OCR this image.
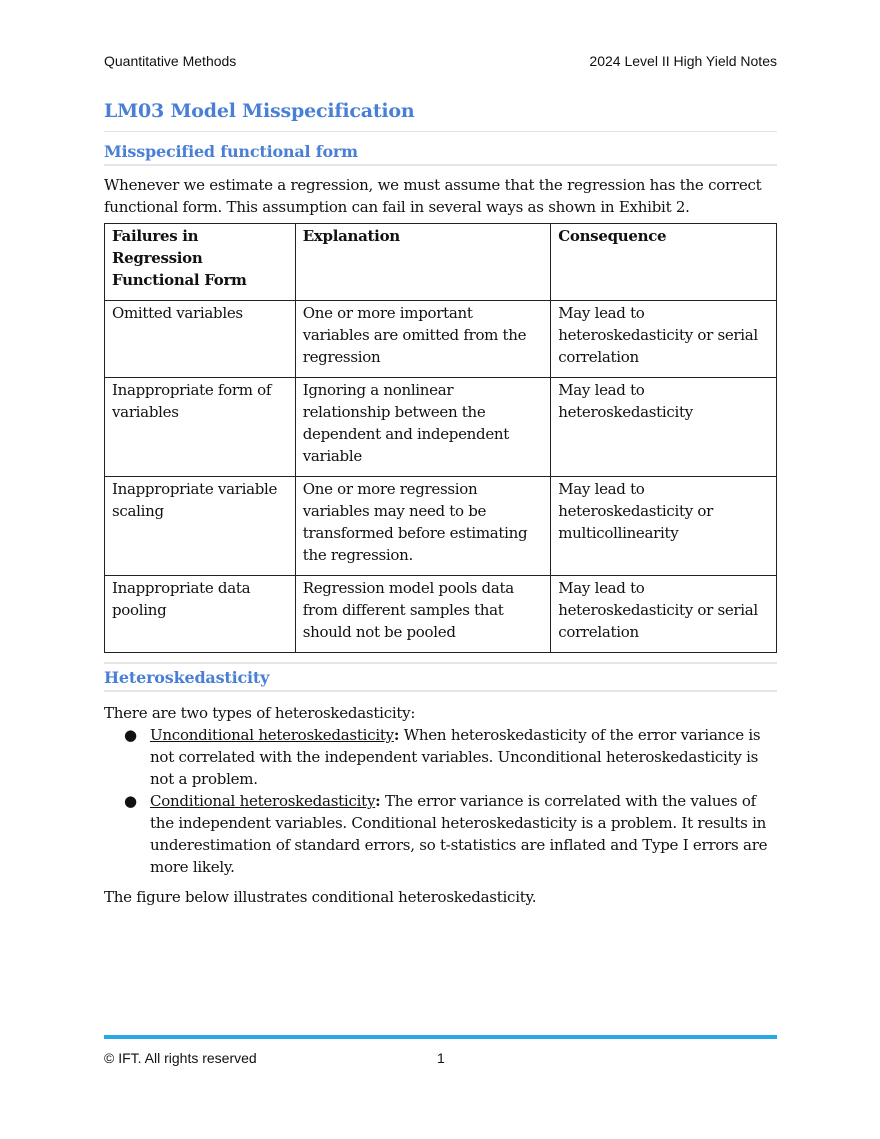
Quantitative Methods	2024 Level II High Yield Notes
LM03 Model Misspecification
Misspecified functional form

Whenever we estimate a regression, we must assume that the regression has the correct functional form. This assumption can fail in several ways as shown in Exhibit 2.

Failures in Regression Functional Form	Explanation	Consequence
Omitted variables	One or more important variables are omitted from the regression	May lead to heteroskedasticity or serial correlation
Inappropriate form of variables	Ignoring a nonlinear relationship between the dependent and independent variable	May lead to heteroskedasticity
Inappropriate variable scaling	One or more regression variables may need to be transformed before estimating the regression.	May lead to heteroskedasticity or multicollinearity
Inappropriate data pooling	Regression model pools data from different samples that should not be pooled	May lead to heteroskedasticity or serial correlation
Heteroskedasticity

There are two types of heteroskedasticity:

● Unconditional heteroskedasticity: When heteroskedasticity of the error variance is not correlated with the independent variables. Unconditional heteroskedasticity is not a problem.
● Conditional heteroskedasticity: The error variance is correlated with the values of the independent variables. Conditional heteroskedasticity is a problem. It results in underestimation of standard errors, so t-statistics are inflated and Type I errors are more likely.

The figure below illustrates conditional heteroskedasticity.

© IFT. All rights reserved	1
